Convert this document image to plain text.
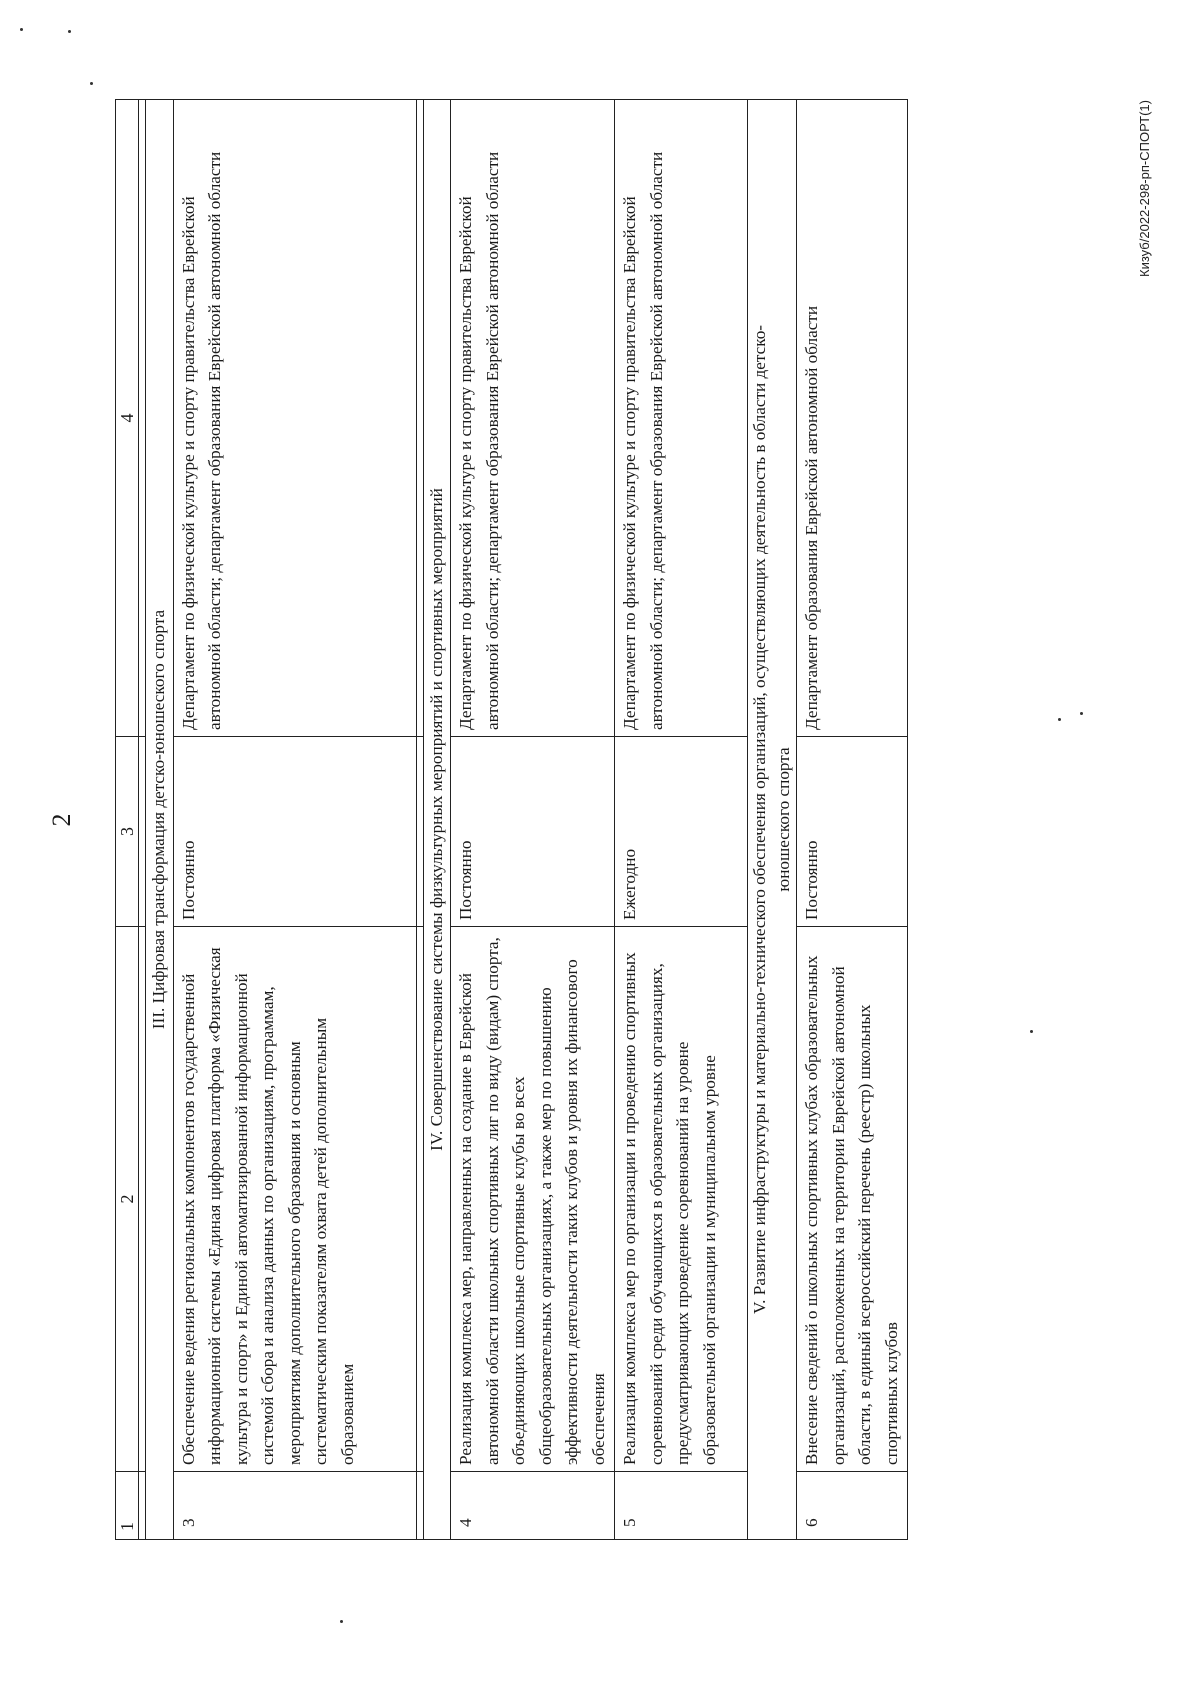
2
1	2	3	4

III. Цифровая трансформация детско-юношеского спорта			
3	Обеспечение ведения региональных компонентов государственной информационной системы «Единая цифровая платформа «Физическая культура и спорт» и Единой автоматизированной информационной системой сбора и анализа данных по организациям, программам, мероприятиям дополнительного образования и основным систематическим показателям охвата детей дополнительным образованием	Постоянно	Департамент по физической культуре и спорту правительства Еврейской автономной области; департамент образования Еврейской автономной области

IV. Совершенствование системы физкультурных мероприятий и спортивных мероприятий			
4	Реализация комплекса мер, направленных на создание в Еврейской автономной области школьных спортивных лиг по виду (видам) спорта, объединяющих школьные спортивные клубы во всех общеобразовательных организациях, а также мер по повышению эффективности деятельности таких клубов и уровня их финансового обеспечения	Постоянно	Департамент по физической культуре и спорту правительства Еврейской автономной области; департамент образования Еврейской автономной области
5	Реализация комплекса мер по организации и проведению спортивных соревнований среди обучающихся в образовательных организациях, предусматривающих проведение соревнований на уровне образовательной организации и муниципальном уровне	Ежегодно	Департамент по физической культуре и спорту правительства Еврейской автономной области; департамент образования Еврейской автономной области
V. Развитие инфраструктуры и материально-технического обеспечения организаций, осуществляющих деятельность в области детско-юношеского спорта			
6	Внесение сведений о школьных спортивных клубах образовательных организаций, расположенных на территории Еврейской автономной области, в единый всероссийский перечень (реестр) школьных спортивных клубов	Постоянно	Департамент образования Еврейской автономной области
Кизуб/2022-298-рп-СПОРТ(1)
